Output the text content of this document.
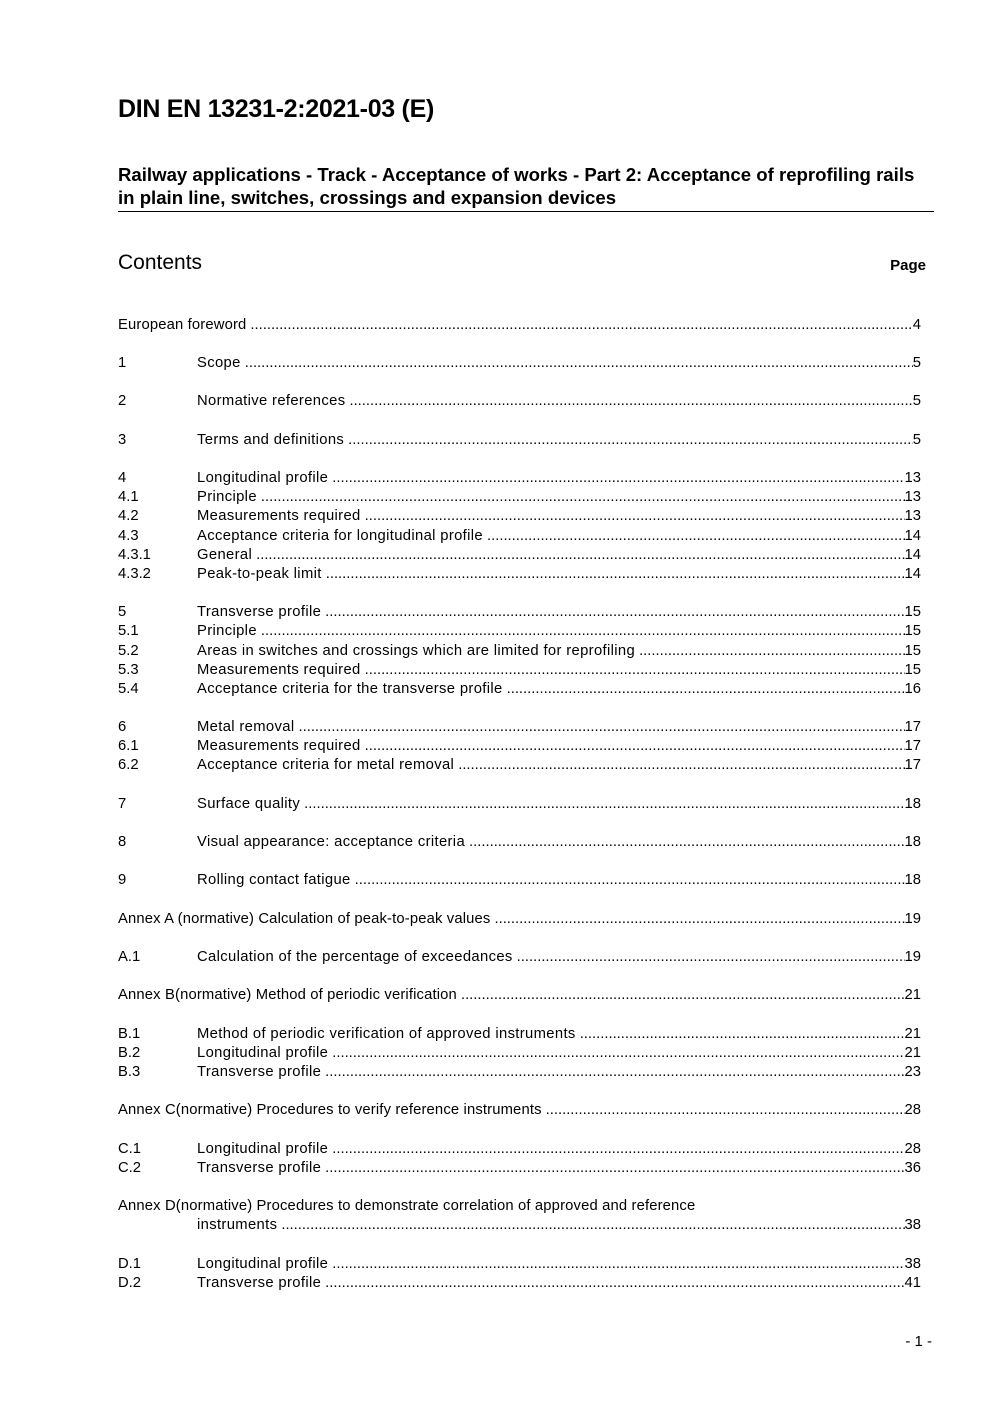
DIN EN 13231-2:2021-03 (E)
Railway applications - Track - Acceptance of works - Part 2: Acceptance of reprofiling rails in plain line, switches, crossings and expansion devices
Contents	Page
European foreword .....	4
1	Scope .....	5
2	Normative references .....	5
3	Terms and definitions .....	5
4	Longitudinal profile .....	13
4.1	Principle .....	13
4.2	Measurements required .....	13
4.3	Acceptance criteria for longitudinal profile .....	14
4.3.1	General .....	14
4.3.2	Peak-to-peak limit .....	14
5	Transverse profile .....	15
5.1	Principle .....	15
5.2	Areas in switches and crossings which are limited for reprofiling .....	15
5.3	Measurements required .....	15
5.4	Acceptance criteria for the transverse profile .....	16
6	Metal removal .....	17
6.1	Measurements required .....	17
6.2	Acceptance criteria for metal removal .....	17
7	Surface quality .....	18
8	Visual appearance: acceptance criteria .....	18
9	Rolling contact fatigue .....	18
Annex A (normative) Calculation of peak-to-peak values .....	19
A.1	Calculation of the percentage of exceedances .....	19
Annex B(normative) Method of periodic verification .....	21
B.1	Method of periodic verification of approved instruments .....	21
B.2	Longitudinal profile .....	21
B.3	Transverse profile .....	23
Annex C(normative) Procedures to verify reference instruments .....	28
C.1	Longitudinal profile .....	28
C.2	Transverse profile .....	36
Annex D(normative) Procedures to demonstrate correlation of approved and reference
instruments .....	38
D.1	Longitudinal profile .....	38
D.2	Transverse profile .....	41
- 1 -
